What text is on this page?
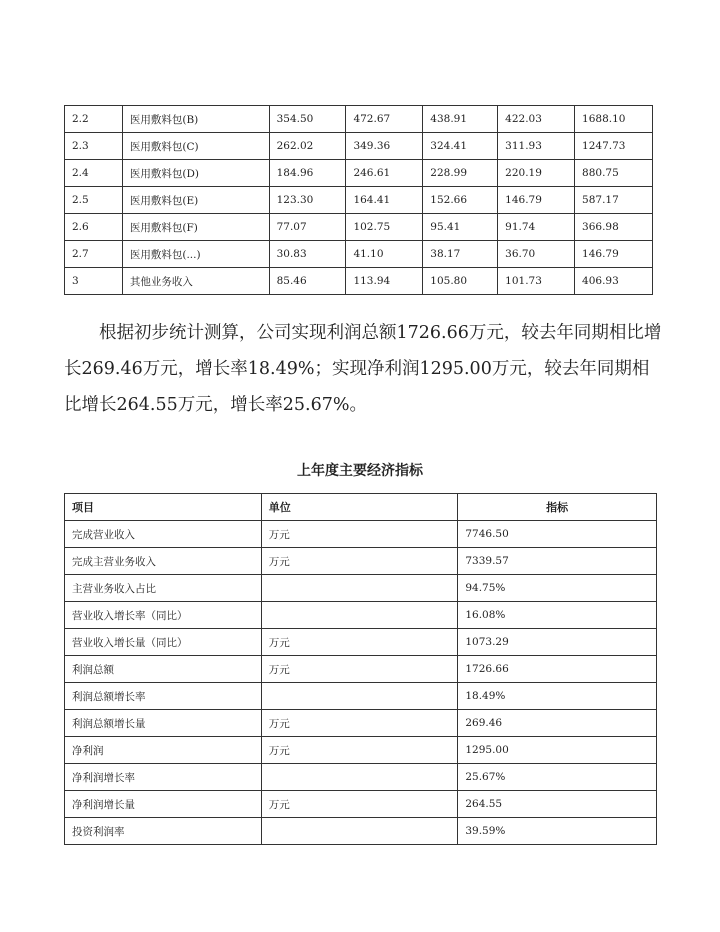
2.2	医用敷料包(B)	354.50	472.67	438.91	422.03	1688.10
2.3	医用敷料包(C)	262.02	349.36	324.41	311.93	1247.73
2.4	医用敷料包(D)	184.96	246.61	228.99	220.19	880.75
2.5	医用敷料包(E)	123.30	164.41	152.66	146.79	587.17
2.6	医用敷料包(F)	77.07	102.75	95.41	91.74	366.98
2.7	医用敷料包(...)	30.83	41.10	38.17	36.70	146.79
3	其他业务收入	85.46	113.94	105.80	101.73	406.93

根据初步统计测算，公司实现利润总额1726.66万元，较去年同期相比增长269.46万元，增长率18.49%；实现净利润1295.00万元，较去年同期相比增长264.55万元，增长率25.67%。

上年度主要经济指标

项目	单位	指标
完成营业收入	万元	7746.50
完成主营业务收入	万元	7339.57
主营业务收入占比		94.75%
营业收入增长率（同比）		16.08%
营业收入增长量（同比）	万元	1073.29
利润总额	万元	1726.66
利润总额增长率		18.49%
利润总额增长量	万元	269.46
净利润	万元	1295.00
净利润增长率		25.67%
净利润增长量	万元	264.55
投资利润率		39.59%
